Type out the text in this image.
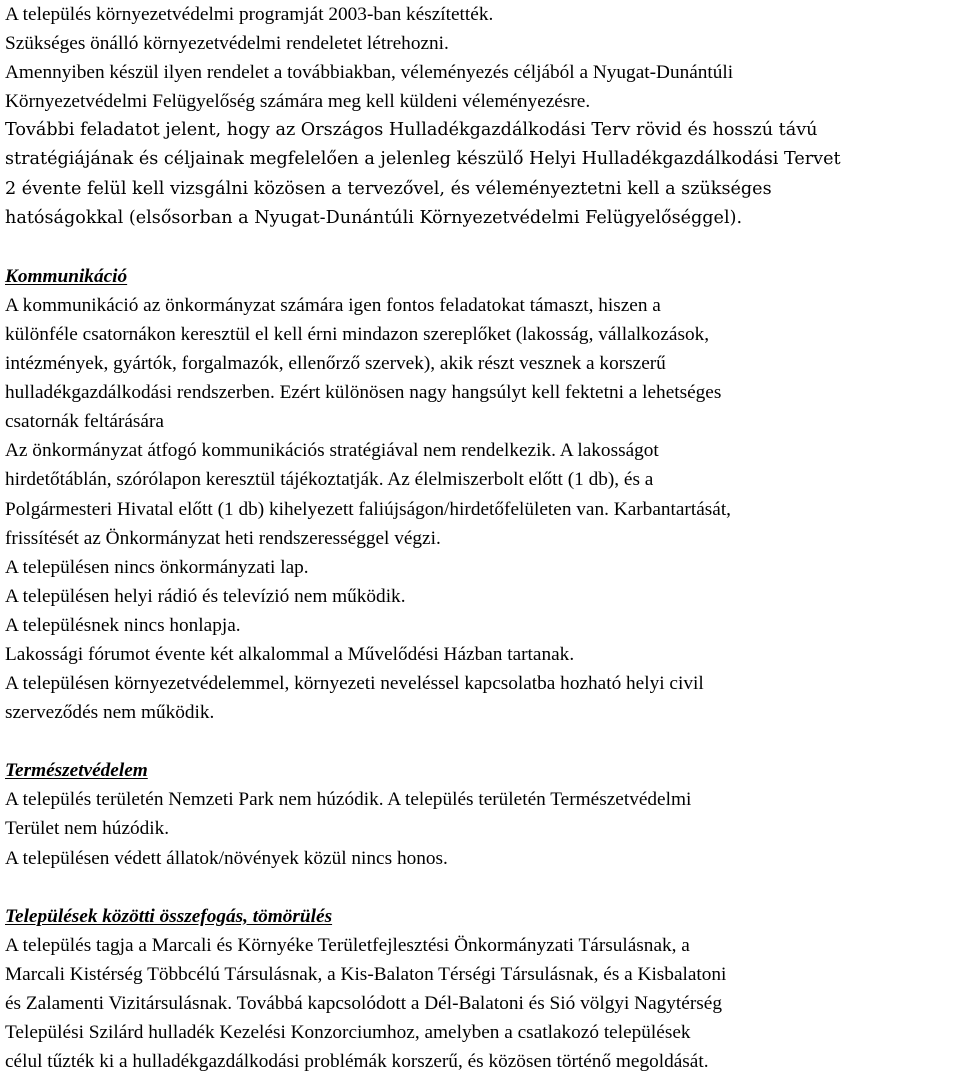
A település környezetvédelmi programját 2003-ban készítették.
Szükséges önálló környezetvédelmi rendeletet létrehozni.
Amennyiben készül ilyen rendelet a továbbiakban, véleményezés céljából a Nyugat-Dunántúli
Környezetvédelmi Felügyelőség számára meg kell küldeni véleményezésre.
További feladatot jelent, hogy az Országos Hulladékgazdálkodási Terv rövid és hosszú távú
stratégiájának és céljainak megfelelően a jelenleg készülő Helyi Hulladékgazdálkodási Tervet
2 évente felül kell vizsgálni közösen a tervezővel, és véleményeztetni kell a szükséges
hatóságokkal (elsősorban a Nyugat-Dunántúli Környezetvédelmi Felügyelőséggel).
Kommunikáció
A kommunikáció az önkormányzat számára igen fontos feladatokat támaszt, hiszen a
különféle csatornákon keresztül el kell érni mindazon szereplőket (lakosság, vállalkozások,
intézmények, gyártók, forgalmazók, ellenőrző szervek), akik részt vesznek a korszerű
hulladékgazdálkodási rendszerben. Ezért különösen nagy hangsúlyt kell fektetni a lehetséges
csatornák feltárására
Az önkormányzat átfogó kommunikációs stratégiával nem rendelkezik. A lakosságot
hirdetőtáblán, szórólapon keresztül tájékoztatják. Az élelmiszerbolt előtt (1 db), és a
Polgármesteri Hivatal előtt (1 db) kihelyezett faliújságon/hirdetőfelületen van. Karbantartását,
frissítését az Önkormányzat heti rendszerességgel végzi.
A településen nincs önkormányzati lap.
A településen helyi rádió és televízió nem működik.
A településnek nincs honlapja.
Lakossági fórumot évente két alkalommal a Művelődési Házban tartanak.
A településen környezetvédelemmel, környezeti neveléssel kapcsolatba hozható helyi civil
szerveződés nem működik.
Természetvédelem
A település területén Nemzeti Park nem húzódik. A település területén Természetvédelmi
Terület nem húzódik.
A településen védett állatok/növények közül nincs honos.
Települések közötti összefogás, tömörülés
A település tagja a Marcali és Környéke Területfejlesztési Önkormányzati Társulásnak, a
Marcali Kistérség Többcélú Társulásnak, a Kis-Balaton Térségi Társulásnak, és a Kisbalatoni
és Zalamenti Vizitársulásnak. Továbbá kapcsolódott a Dél-Balatoni és Sió völgyi Nagytérség
Települési Szilárd hulladék Kezelési Konzorciumhoz, amelyben a csatlakozó települések
célul tűzték ki a hulladékgazdálkodási problémák korszerű, és közösen történő megoldását.
